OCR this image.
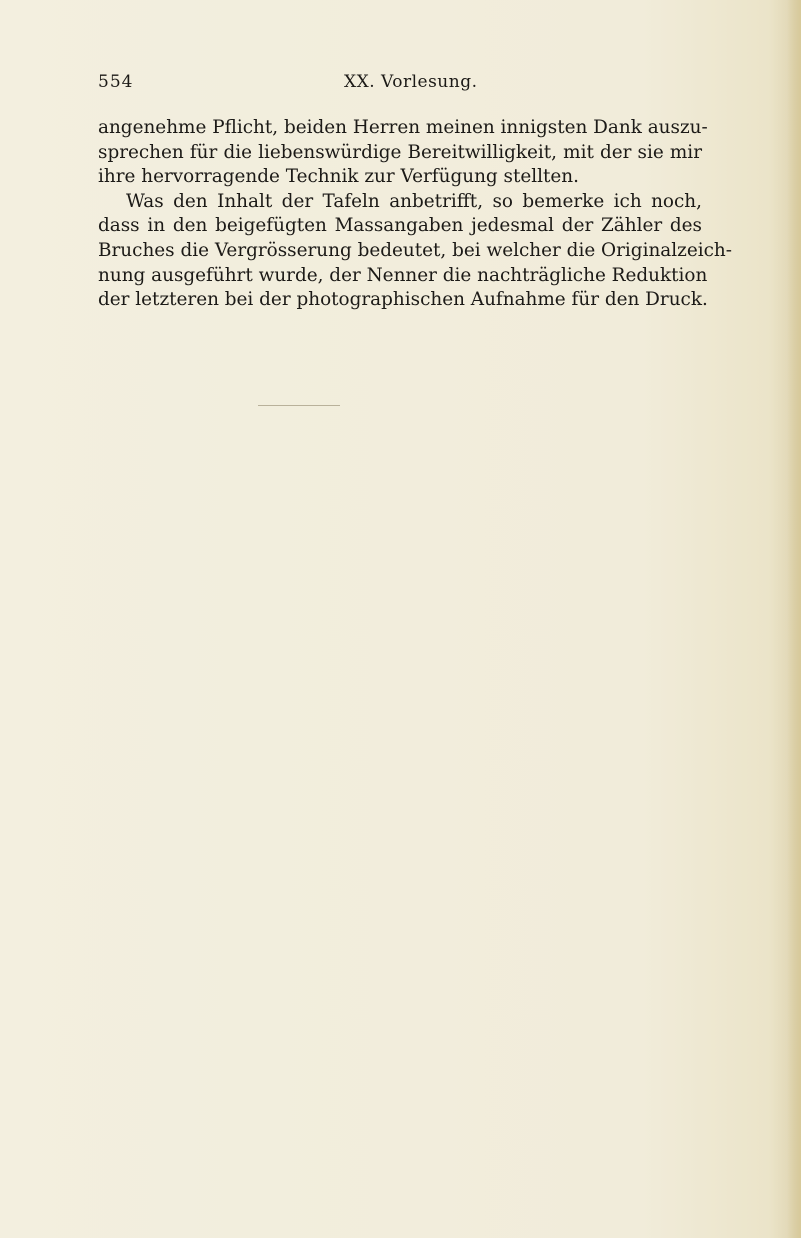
554	XX. Vorlesung.

angenehme Pflicht, beiden Herren meinen innigsten Dank auszu-
sprechen für die liebenswürdige Bereitwilligkeit, mit der sie mir
ihre hervorragende Technik zur Verfügung stellten.

Was den Inhalt der Tafeln anbetrifft, so bemerke ich noch,
dass in den beigefügten Massangaben jedesmal der Zähler des
Bruches die Vergrösserung bedeutet, bei welcher die Originalzeich-
nung ausgeführt wurde, der Nenner die nachträgliche Reduktion
der letzteren bei der photographischen Aufnahme für den Druck.
